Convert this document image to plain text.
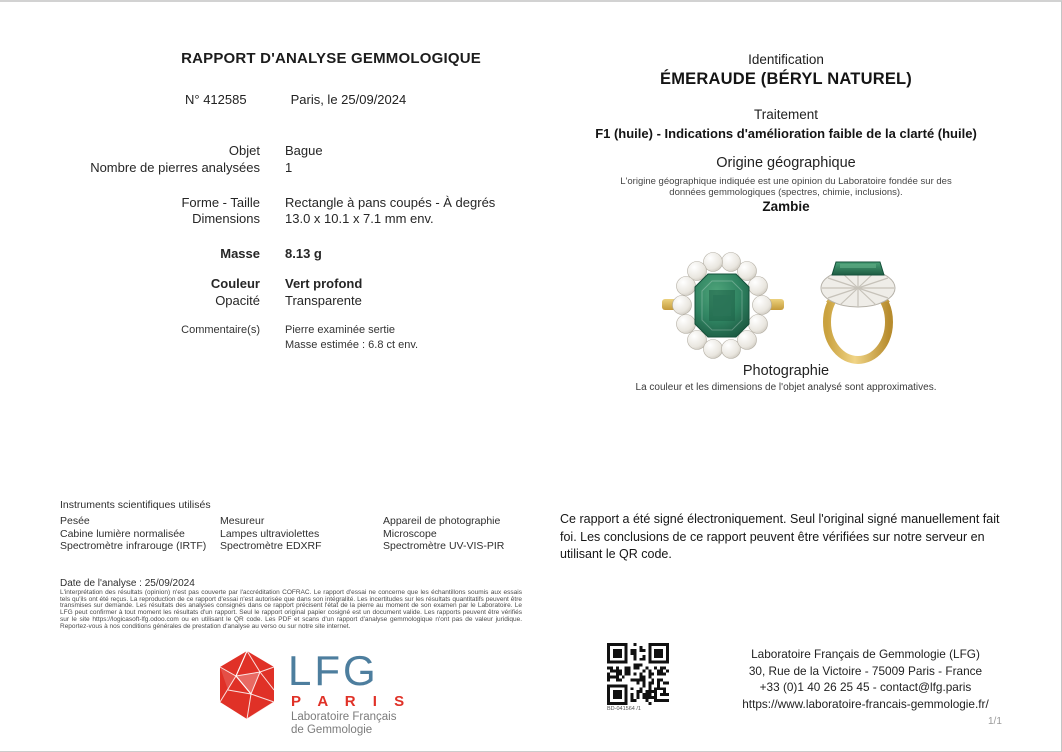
RAPPORT D'ANALYSE GEMMOLOGIQUE
N° 412585	Paris, le 25/09/2024
Objet Bague
Nombre de pierres analysées 1
Forme - Taille Rectangle à pans coupés - À degrés
Dimensions 13.0 x 10.1 x 7.1 mm env.
Masse 8.13 g
Couleur Vert profond
Opacité Transparente
Commentaire(s) Pierre examinée sertie
Masse estimée : 6.8 ct env.
Identification
ÉMERAUDE (BÉRYL NATUREL)
Traitement
F1 (huile) - Indications d'amélioration faible de la clarté (huile)
Origine géographique
L'origine géographique indiquée est une opinion du Laboratoire fondée sur des données gemmologiques (spectres, chimie, inclusions).
Zambie
Photographie
La couleur et les dimensions de l'objet analysé sont approximatives.
Instruments scientifiques utilisés
Pesée
Cabine lumière normalisée
Spectromètre infrarouge (IRTF)
Mesureur
Lampes ultraviolettes
Spectromètre EDXRF
Appareil de photographie
Microscope
Spectromètre UV-VIS-PIR
Date de l'analyse : 25/09/2024
L'interprétation des résultats (opinion) n'est pas couverte par l'accréditation COFRAC. Le rapport d'essai ne concerne que les échantillons soumis aux essais tels qu'ils ont été reçus. La reproduction de ce rapport d'essai n'est autorisée que dans son intégralité. Les incertitudes sur les résultats quantitatifs peuvent être transmises sur demande. Les résultats des analyses consignés dans ce rapport précisent l'état de la pierre au moment de son examen par le Laboratoire. Le LFG peut confirmer à tout moment les résultats d'un rapport. Seul le rapport original papier cosigné est un document valide. Les rapports peuvent être vérifiés sur le site https://logicasoft-lfg.odoo.com ou en utilisant le QR code. Les PDF et scans d'un rapport d'analyse gemmologique n'ont pas de valeur juridique. Reportez-vous à nos conditions générales de prestation d'analyse au verso ou sur notre site internet.
Ce rapport a été signé électroniquement. Seul l'original signé manuellement fait foi. Les conclusions de ce rapport peuvent être vérifiées sur notre serveur en utilisant le QR code.
LFG
P A R I S
Laboratoire Français
de Gemmologie
BD-041564 /1
Laboratoire Français de Gemmologie (LFG)
30, Rue de la Victoire - 75009 Paris - France
+33 (0)1 40 26 25 45 - contact@lfg.paris
https://www.laboratoire-francais-gemmologie.fr/
1/1
